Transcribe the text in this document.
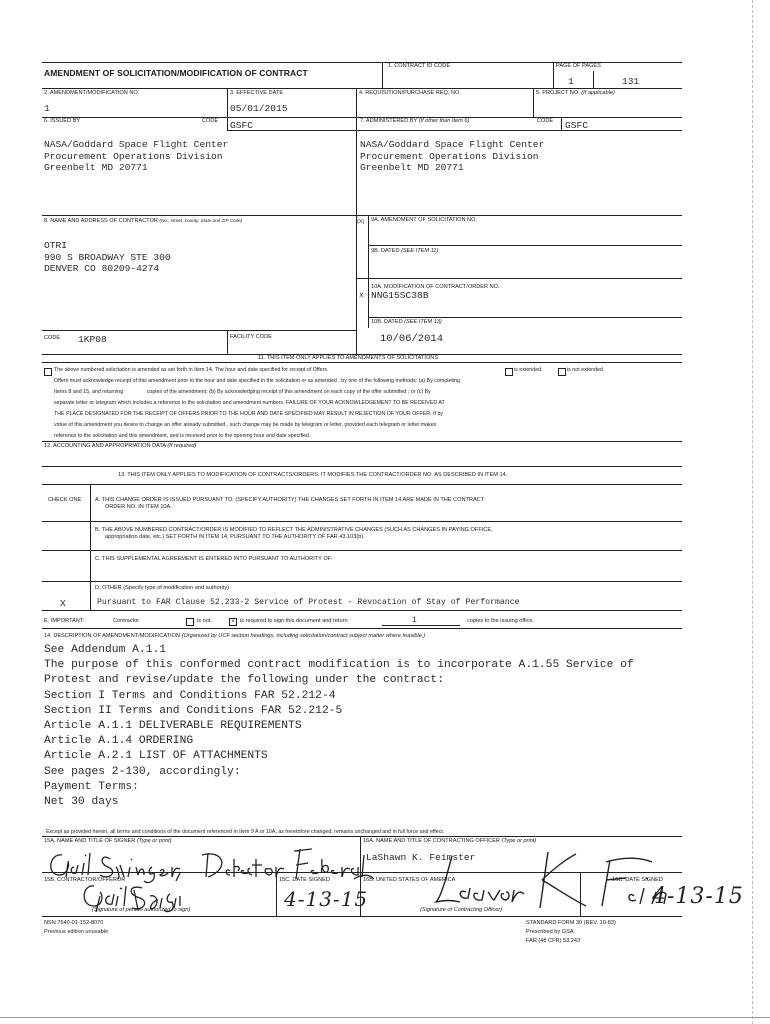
AMENDMENT OF SOLICITATION/MODIFICATION OF CONTRACT
1. CONTRACT ID CODE	PAGE OF PAGES
1	131
2. AMENDMENT/MODIFICATION NO.
1
3. EFFECTIVE DATE
05/01/2015
4. REQUISITION/PURCHASE REQ. NO.	5. PROJECT NO. (If applicable)
6. ISSUED BY	CODE GSFC
NASA/Goddard Space Flight Center
Procurement Operations Division
Greenbelt MD 20771
7. ADMINISTERED BY (If other than Item 6)	CODE GSFC
NASA/Goddard Space Flight Center
Procurement Operations Division
Greenbelt MD 20771
8. NAME AND ADDRESS OF CONTRACTOR (No., street, county, State and ZIP Code)
OTRI
990 S BROADWAY STE 300
DENVER CO 80209-4274
(X) 9A. AMENDMENT OF SOLICITATION NO.
9B. DATED (SEE ITEM 11)
x
10A. MODIFICATION OF CONTRACT/ORDER NO.
NNG15SC38B
10B. DATED (SEE ITEM 13)
10/06/2014
CODE 1KP08	FACILITY CODE
11. THIS ITEM ONLY APPLIES TO AMENDMENTS OF SOLICITATIONS
The above numbered solicitation is amended as set forth in Item 14. The hour and date specified for receipt of Offers	is extended.	is not extended.
Offers must acknowledge receipt of this amendment prior to the hour and date specified in the solicitation or as amended , by one of the following methods: (a) By completing
Items 8 and 15, and returning                copies of the amendment; (b) By acknowledging receipt of this amendment on each copy of the offer submitted ; or (c) By
separate letter or telegram which includes a reference to the solicitation and amendment numbers. FAILURE OF YOUR ACKNOWLEDGEMENT TO BE RECEIVED AT
THE PLACE DESIGNATED FOR THE RECEIPT OF OFFERS PRIOR TO THE HOUR AND DATE SPECIFIED MAY RESULT IN REJECTION OF YOUR OFFER. If by
virtue of this amendment you desire to change an offer already submitted , such change may be made by telegram or letter, provided each telegram or letter makes
reference to the solicitation and this amendment, and is received prior to the opening hour and date specified.
12. ACCOUNTING AND APPROPRIATION DATA (If required)
13. THIS ITEM ONLY APPLIES TO MODIFICATION OF CONTRACTS/ORDERS. IT MODIFIES THE CONTRACT/ORDER NO. AS DESCRIBED IN ITEM 14.
CHECK ONE A. THIS CHANGE ORDER IS ISSUED PURSUANT TO: (SPECIFY AUTHORITY) THE CHANGES SET FORTH IN ITEM 14 ARE MADE IN THE CONTRACT
ORDER NO. IN ITEM 10A.
B. THE ABOVE NUMBERED CONTRACT/ORDER IS MODIFIED TO REFLECT THE ADMINISTRATIVE CHANGES (SUCH AS CHANGES IN PAYING OFFICE,
appropriation date, etc.) SET FORTH IN ITEM 14, PURSUANT TO THE AUTHORITY OF FAR 43.103(b).
C. THIS SUPPLEMENTAL AGREEMENT IS ENTERED INTO PURSUANT TO AUTHORITY OF:
D. OTHER (Specify type of modification and authority)
X	Pursuant to FAR Clause 52.233-2 Service of Protest - Revocation of Stay of Performance
E. IMPORTANT:	Contractor	is not.	× is required to sign this document and return	1	copies to the issuing office.
14. DESCRIPTION OF AMENDMENT/MODIFICATION (Organized by UCF section headings, including solicitation/contract subject matter where feasible.)
See Addendum A.1.1
The purpose of this conformed contract modification is to incorporate A.1.55 Service of
Protest and revise/update the following under the contract:
Section I Terms and Conditions FAR 52.212-4
Section II Terms and Conditions FAR 52.212-5
Article A.1.1 DELIVERABLE REQUIREMENTS
Article A.1.4 ORDERING
Article A.2.1 LIST OF ATTACHMENTS
See pages 2-130, accordingly:
Payment Terms:
Net 30 days
Except as provided herein, all terms and conditions of the document referenced in Item 9 A or 10A, as heretofore changed, remains unchanged and in full force and effect.
15A. NAME AND TITLE OF SIGNER (Type or print)	16A. NAME AND TITLE OF CONTRACTING OFFICER (Type or print)
LaShawn K. Feimster
15B. CONTRACTOR/OFFEROR	15C. DATE SIGNED	16B. UNITED STATES OF AMERICA	16C. DATE SIGNED
(Signature of person authorized to sign)	4-13-15	(Signature of Contracting Officer)
4-13-15
NSN 7540-01-152-8070
Previous edition unusable
STANDARD FORM 30 (REV. 10-83)
Prescribed by GSA
FAR (48 CFR) 53.243
